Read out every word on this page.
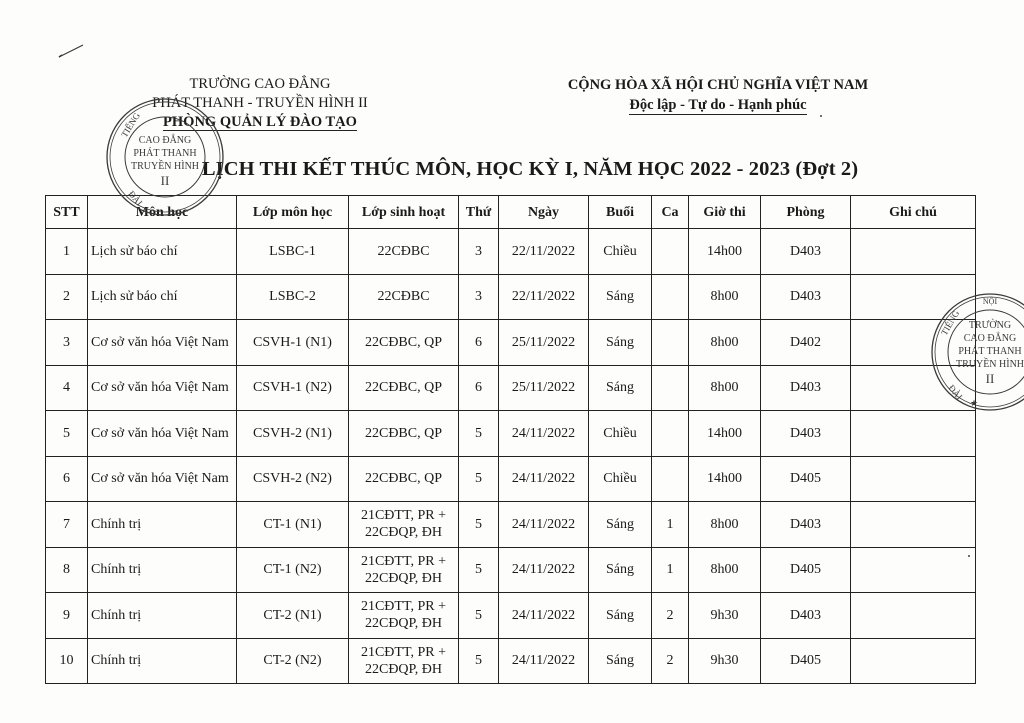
TRƯỜNG CAO ĐẲNG
PHÁT THANH - TRUYỀN HÌNH II
PHÒNG QUẢN LÝ ĐÀO TẠO
CỘNG HÒA XÃ HỘI CHỦ NGHĨA VIỆT NAM
Độc lập - Tự do - Hạnh phúc
LỊCH THI KẾT THÚC MÔN, HỌC KỲ I, NĂM HỌC 2022 - 2023 (Đợt 2)
STT	Môn học	Lớp môn học	Lớp sinh hoạt	Thứ	Ngày	Buổi	Ca	Giờ thi	Phòng	Ghi chú
1	Lịch sử báo chí	LSBC-1	22CĐBC	3	22/11/2022	Chiều		14h00	D403	
2	Lịch sử báo chí	LSBC-2	22CĐBC	3	22/11/2022	Sáng		8h00	D403	
3	Cơ sở văn hóa Việt Nam	CSVH-1 (N1)	22CĐBC, QP	6	25/11/2022	Sáng		8h00	D402	
4	Cơ sở văn hóa Việt Nam	CSVH-1 (N2)	22CĐBC, QP	6	25/11/2022	Sáng		8h00	D403	
5	Cơ sở văn hóa Việt Nam	CSVH-2 (N1)	22CĐBC, QP	5	24/11/2022	Chiều		14h00	D403	
6	Cơ sở văn hóa Việt Nam	CSVH-2 (N2)	22CĐBC, QP	5	24/11/2022	Chiều		14h00	D405	
7	Chính trị	CT-1 (N1)	21CĐTT, PR +
22CĐQP, ĐH	5	24/11/2022	Sáng	1	8h00	D403	
8	Chính trị	CT-1 (N2)	21CĐTT, PR +
22CĐQP, ĐH	5	24/11/2022	Sáng	1	8h00	D405	
9	Chính trị	CT-2 (N1)	21CĐTT, PR +
22CĐQP, ĐH	5	24/11/2022	Sáng	2	9h30	D403	
10	Chính trị	CT-2 (N2)	21CĐTT, PR +
22CĐQP, ĐH	5	24/11/2022	Sáng	2	9h30	D405	
TIẾNG
ĐÀI
CAO ĐẲNG
PHÁT THANH
TRUYỀN HÌNH
II
NỘI
TIẾNG
ĐÀI
TRƯỜNG
CAO ĐẲNG
PHÁT THANH
TRUYỀN HÌNH
II
★
